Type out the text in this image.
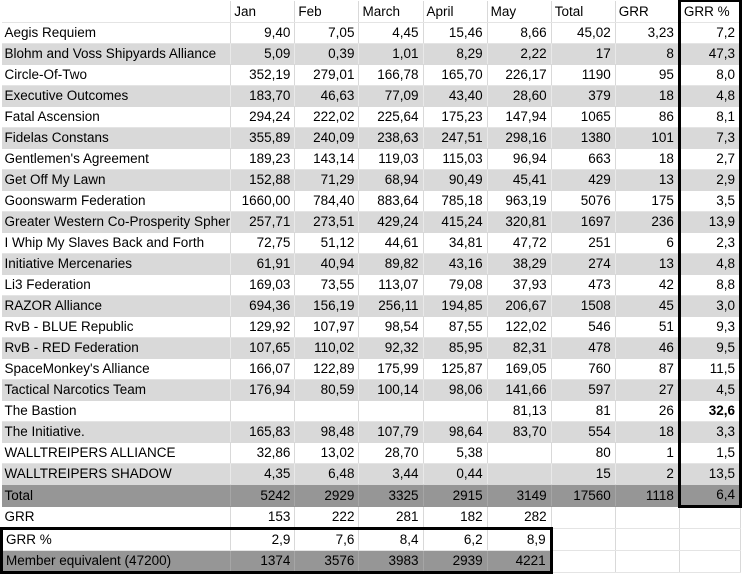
	Jan	Feb	March	April	May	Total	GRR	GRR %
Aegis Requiem	9,40	7,05	4,45	15,46	8,66	45,02	3,23	7,2
Blohm and Voss Shipyards Alliance	5,09	0,39	1,01	8,29	2,22	17	8	47,3
Circle-Of-Two	352,19	279,01	166,78	165,70	226,17	1190	95	8,0
Executive Outcomes	183,70	46,63	77,09	43,40	28,60	379	18	4,8
Fatal Ascension	294,24	222,02	225,64	175,23	147,94	1065	86	8,1
Fidelas Constans	355,89	240,09	238,63	247,51	298,16	1380	101	7,3
Gentlemen's Agreement	189,23	143,14	119,03	115,03	96,94	663	18	2,7
Get Off My Lawn	152,88	71,29	68,94	90,49	45,41	429	13	2,9
Goonswarm Federation	1660,00	784,40	883,64	785,18	963,19	5076	175	3,5
Greater Western Co-Prosperity Spher	257,71	273,51	429,24	415,24	320,81	1697	236	13,9
I Whip My Slaves Back and Forth	72,75	51,12	44,61	34,81	47,72	251	6	2,3
Initiative Mercenaries	61,91	40,94	89,82	43,16	38,29	274	13	4,8
Li3 Federation	169,03	73,55	113,07	79,08	37,93	473	42	8,8
RAZOR Alliance	694,36	156,19	256,11	194,85	206,67	1508	45	3,0
RvB - BLUE Republic	129,92	107,97	98,54	87,55	122,02	546	51	9,3
RvB - RED Federation	107,65	110,02	92,32	85,95	82,31	478	46	9,5
SpaceMonkey's Alliance	166,07	122,89	175,99	125,87	169,05	760	87	11,5
Tactical Narcotics Team	176,94	80,59	100,14	98,06	141,66	597	27	4,5
The Bastion					81,13	81	26	32,6
The Initiative.	165,83	98,48	107,79	98,64	83,70	554	18	3,3
WALLTREIPERS ALLIANCE	32,86	13,02	28,70	5,38		80	1	1,5
WALLTREIPERS SHADOW	4,35	6,48	3,44	0,44		15	2	13,5
Total	5242	2929	3325	2915	3149	17560	1118	6,4
GRR	153	222	281	182	282			
GRR %	2,9	7,6	8,4	6,2	8,9			
Member equivalent (47200)	1374	3576	3983	2939	4221			
